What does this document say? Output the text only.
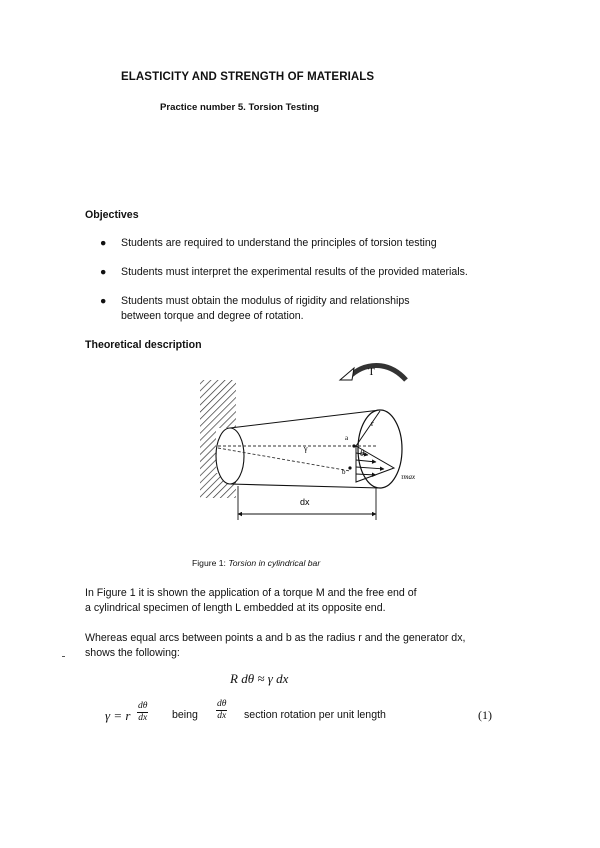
ELASTICITY AND STRENGTH OF MATERIALS
Practice number 5. Torsion Testing
Objectives
● Students are required to understand the principles of torsion testing
● Students must interpret the experimental results of the provided materials.
● Students must obtain the modulus of rigidity and relationships
between torque and degree of rotation.
Theoretical description
T
r
γ	θ
a
b
τmax
dx
Figure 1: Torsion in cylindrical bar
In Figure 1 it is shown the application of a torque M and the free end of
a cylindrical specimen of length L embedded at its opposite end.
Whereas equal arcs between points a and b as the radius r and the generator dx,
shows the following:
R dθ ≈ γ dx
γ = r $\frac{d\theta}{dx}$ being $\frac{d\theta}{dx}$ section rotation per unit length	(1)
